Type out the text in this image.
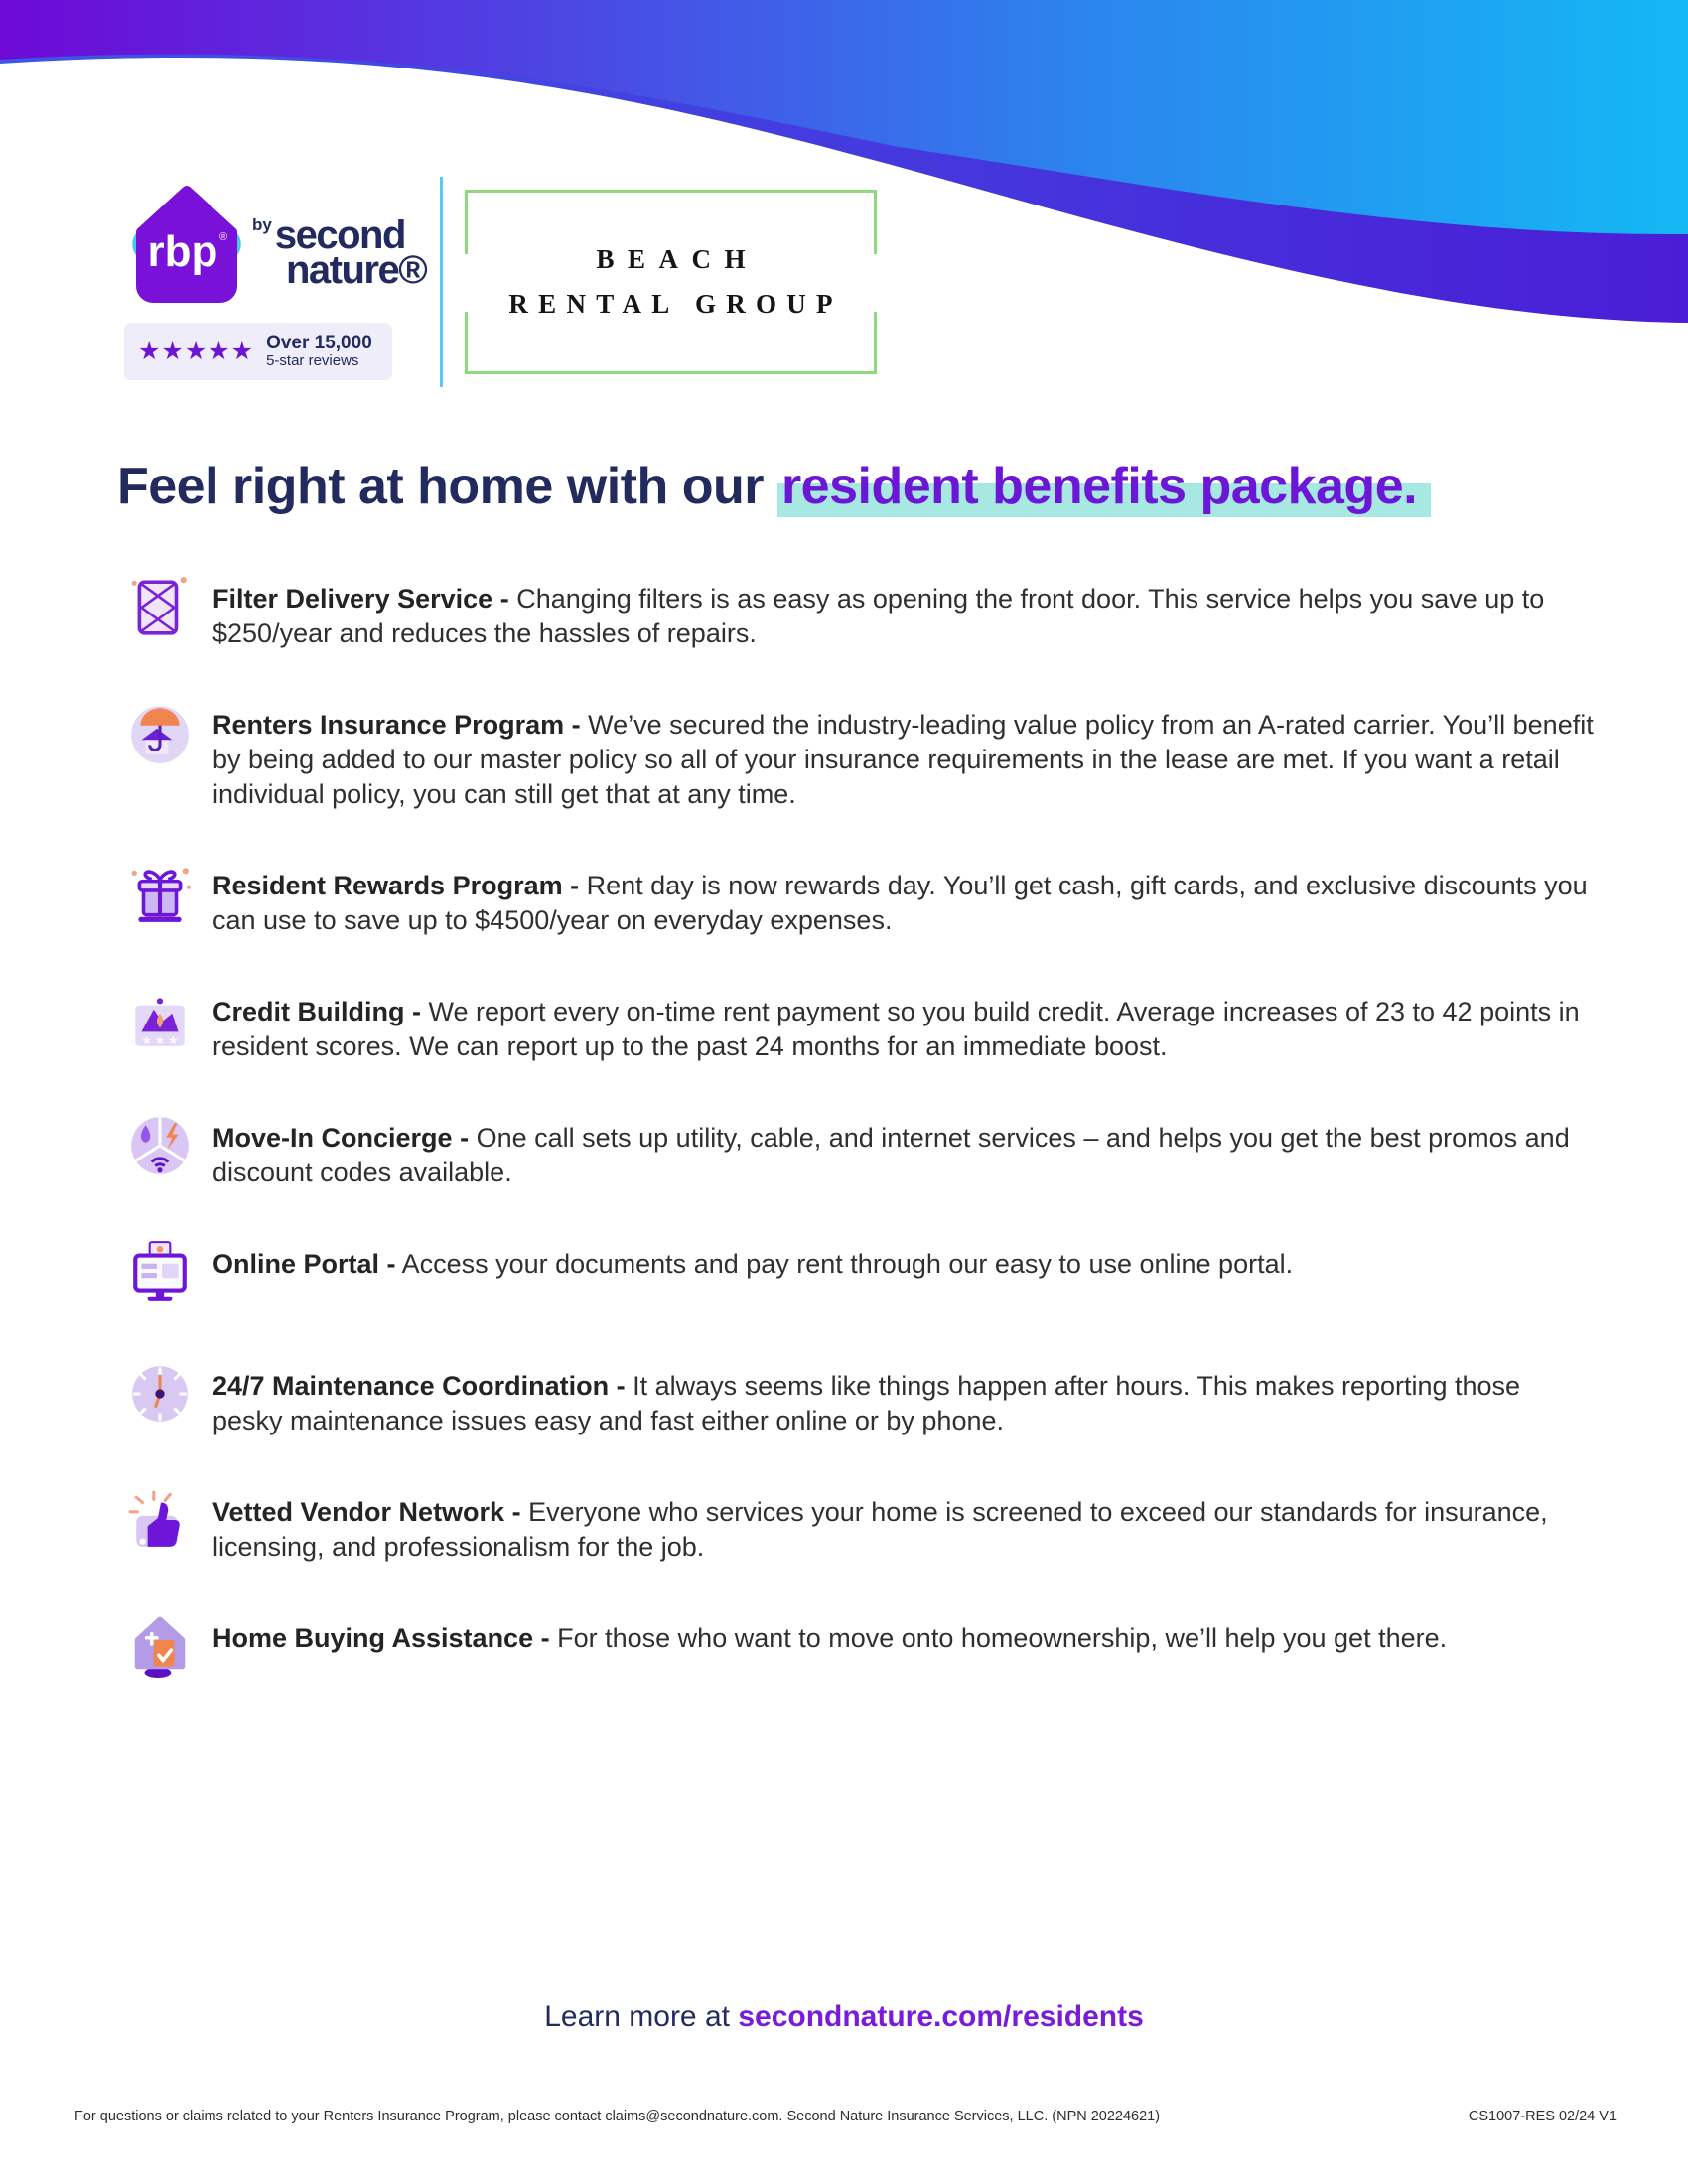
rbp ®
bysecond
nature®
★★★★★ Over 15,000
5-star reviews
BEACH
RENTAL GROUP
Feel right at home with our resident benefits package.
Filter Delivery Service - Changing filters is as easy as opening the front door. This service helps you save up to $250/year and reduces the hassles of repairs.
Renters Insurance Program - We’ve secured the industry-leading value policy from an A-rated carrier. You’ll benefit by being added to our master policy so all of your insurance requirements in the lease are met. If you want a retail individual policy, you can still get that at any time.
Resident Rewards Program - Rent day is now rewards day. You’ll get cash, gift cards, and exclusive discounts you can use to save up to $4500/year on everyday expenses.
★ ★ ★
Credit Building - We report every on-time rent payment so you build credit. Average increases of 23 to 42 points in resident scores. We can report up to the past 24 months for an immediate boost.
Move-In Concierge - One call sets up utility, cable, and internet services – and helps you get the best promos and discount codes available.
Online Portal - Access your documents and pay rent through our easy to use online portal.
24/7 Maintenance Coordination - It always seems like things happen after hours. This makes reporting those pesky maintenance issues easy and fast either online or by phone.
Vetted Vendor Network - Everyone who services your home is screened to exceed our standards for insurance, licensing, and professionalism for the job.
Home Buying Assistance - For those who want to move onto homeownership, we’ll help you get there.
Learn more at secondnature.com/residents
For questions or claims related to your Renters Insurance Program, please contact claims@secondnature.com. Second Nature Insurance Services, LLC. (NPN 20224621)	CS1007-RES 02/24 V1
